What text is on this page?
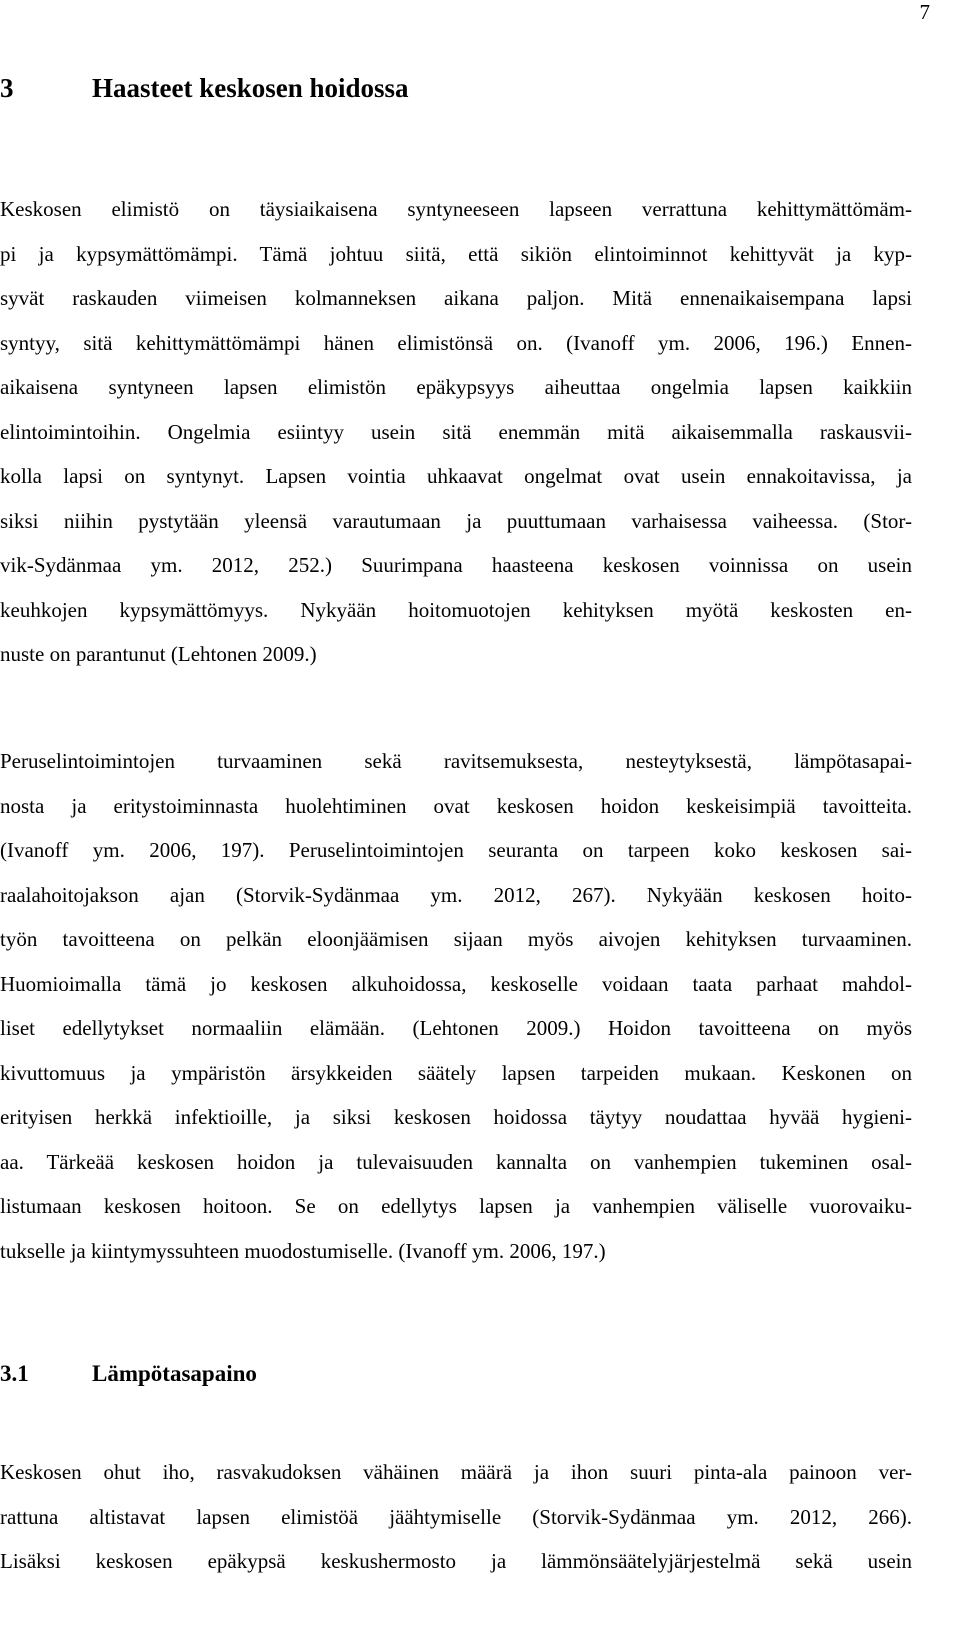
7
3	Haasteet keskosen hoidossa
Keskosen elimistö on täysiaikaisena syntyneeseen lapseen verrattuna kehittymättömäm-
pi ja kypsymättömämpi. Tämä johtuu siitä, että sikiön elintoiminnot kehittyvät ja kyp-
syvät raskauden viimeisen kolmanneksen aikana paljon. Mitä ennenaikaisempana lapsi
syntyy, sitä kehittymättömämpi hänen elimistönsä on. (Ivanoff ym. 2006, 196.) Ennen-
aikaisena syntyneen lapsen elimistön epäkypsyys aiheuttaa ongelmia lapsen kaikkiin
elintoimintoihin. Ongelmia esiintyy usein sitä enemmän mitä aikaisemmalla raskausvii-
kolla lapsi on syntynyt. Lapsen vointia uhkaavat ongelmat ovat usein ennakoitavissa, ja
siksi niihin pystytään yleensä varautumaan ja puuttumaan varhaisessa vaiheessa. (Stor-
vik-Sydänmaa ym. 2012, 252.) Suurimpana haasteena keskosen voinnissa on usein
keuhkojen kypsymättömyys. Nykyään hoitomuotojen kehityksen myötä keskosten en-
nuste on parantunut (Lehtonen 2009.)
Peruselintoimintojen turvaaminen sekä ravitsemuksesta, nesteytyksestä, lämpötasapai-
nosta ja eritystoiminnasta huolehtiminen ovat keskosen hoidon keskeisimpiä tavoitteita.
(Ivanoff ym. 2006, 197). Peruselintoimintojen seuranta on tarpeen koko keskosen sai-
raalahoitojakson ajan (Storvik-Sydänmaa ym. 2012, 267). Nykyään keskosen hoito-
työn tavoitteena on pelkän eloonjäämisen sijaan myös aivojen kehityksen turvaaminen.
Huomioimalla tämä jo keskosen alkuhoidossa, keskoselle voidaan taata parhaat mahdol-
liset edellytykset normaaliin elämään. (Lehtonen 2009.) Hoidon tavoitteena on myös
kivuttomuus ja ympäristön ärsykkeiden säätely lapsen tarpeiden mukaan. Keskonen on
erityisen herkkä infektioille, ja siksi keskosen hoidossa täytyy noudattaa hyvää hygieni-
aa. Tärkeää keskosen hoidon ja tulevaisuuden kannalta on vanhempien tukeminen osal-
listumaan keskosen hoitoon. Se on edellytys lapsen ja vanhempien väliselle vuorovaiku-
tukselle ja kiintymyssuhteen muodostumiselle. (Ivanoff ym. 2006, 197.)
3.1	Lämpötasapaino
Keskosen ohut iho, rasvakudoksen vähäinen määrä ja ihon suuri pinta-ala painoon ver-
rattuna altistavat lapsen elimistöä jäähtymiselle (Storvik-Sydänmaa ym. 2012, 266).
Lisäksi keskosen epäkypsä keskushermosto ja lämmönsäätelyjärjestelmä sekä usein
